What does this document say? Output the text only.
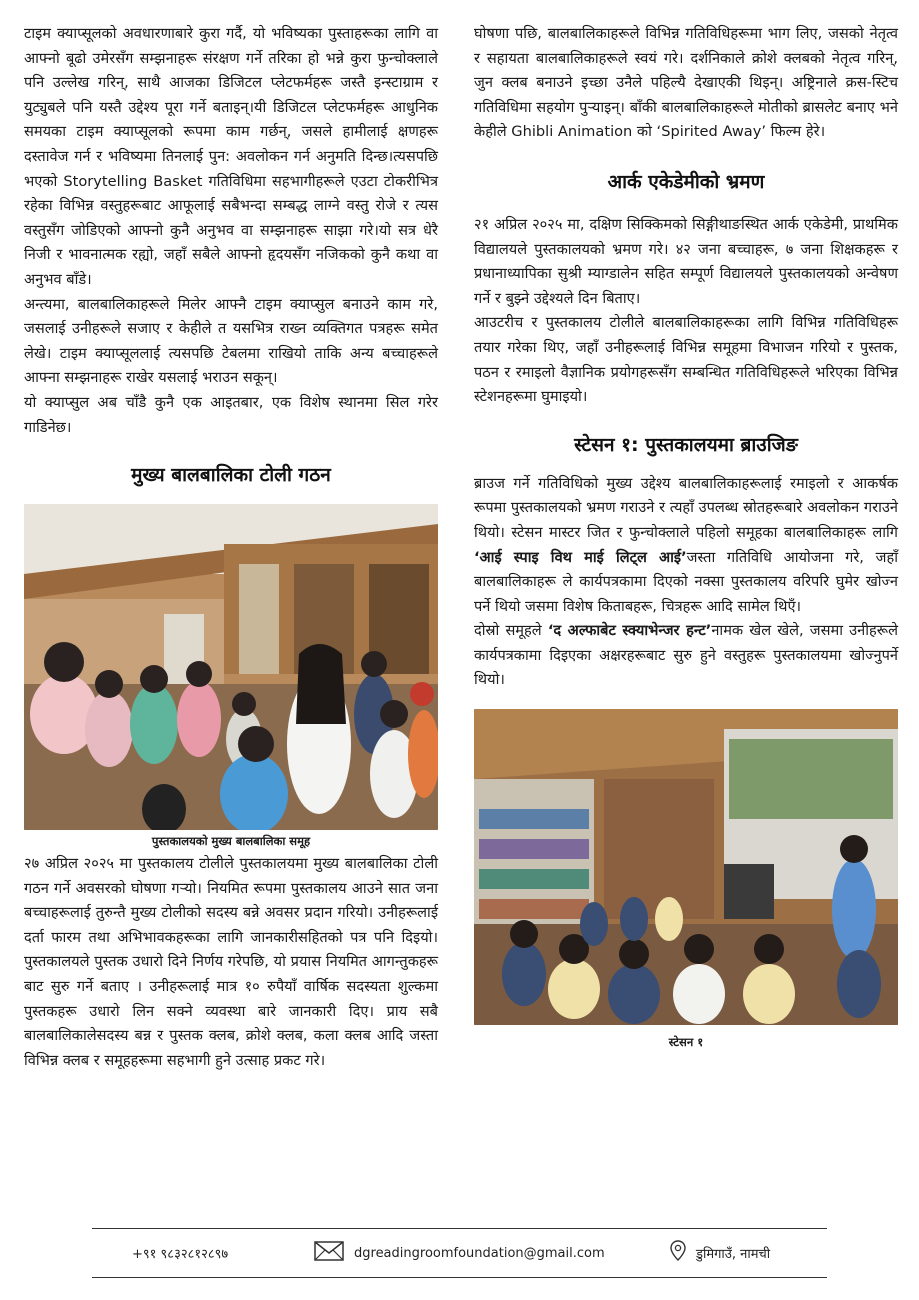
टाइम क्याप्सूलको अवधारणाबारे कुरा गर्दै, यो भविष्यका पुस्ताहरूका लागि वा आफ्नो बूढो उमेरसँग सम्झनाहरू संरक्षण गर्ने तरिका हो भन्ने कुरा फुन्चोक्लाले पनि उल्लेख गरिन्, साथै आजका डिजिटल प्लेटफर्महरू जस्तै इन्स्टाग्राम र युट्युबले पनि यस्तै उद्देश्य पूरा गर्ने बताइन्।यी डिजिटल प्लेटफर्महरू आधुनिक समयका टाइम क्याप्सूलको रूपमा काम गर्छन्, जसले हामीलाई क्षणहरू दस्तावेज गर्न र भविष्यमा तिनलाई पुन: अवलोकन गर्न अनुमति दिन्छ।त्यसपछि भएको Storytelling Basket गतिविधिमा सहभागीहरूले एउटा टोकरीभित्र रहेका विभिन्न वस्तुहरूबाट आफूलाई सबैभन्दा सम्बद्ध लाग्ने वस्तु रोजे र त्यस वस्तुसँग जोडिएको आफ्नो कुनै अनुभव वा सम्झनाहरू साझा गरे।यो सत्र धेरै निजी र भावनात्मक रह्यो, जहाँ सबैले आफ्नो हृदयसँग नजिकको कुनै कथा वा अनुभव बाँडे।

अन्त्यमा, बालबालिकाहरूले मिलेर आफ्नै टाइम क्याप्सुल बनाउने काम गरे, जसलाई उनीहरूले सजाए र केहीले त यसभित्र राख्न व्यक्तिगत पत्रहरू समेत लेखे। टाइम क्याप्सूललाई त्यसपछि टेबलमा राखियो ताकि अन्य बच्चाहरूले आफ्ना सम्झनाहरू राखेर यसलाई भराउन सकून्।

यो क्याप्सुल अब चाँडै कुनै एक आइतबार, एक विशेष स्थानमा सिल गरेर गाडिनेछ।

मुख्य बालबालिका टोली गठन
पुस्तकालयको मुख्य बालबालिका समूह

२७ अप्रिल २०२५ मा पुस्तकालय टोलीले पुस्तकालयमा मुख्य बालबालिका टोली गठन गर्ने अवसरको घोषणा गर्‍यो। नियमित रूपमा पुस्तकालय आउने सात जना बच्चाहरूलाई तुरुन्तै मुख्य टोलीको सदस्य बन्ने अवसर प्रदान गरियो। उनीहरूलाई दर्ता फारम तथा अभिभावकहरूका लागि जानकारीसहितको पत्र पनि दिइयो। पुस्तकालयले पुस्तक उधारो दिने निर्णय गरेपछि, यो प्रयास नियमित आगन्तुकहरू बाट सुरु गर्ने बताए । उनीहरूलाई मात्र १० रुपैयाँ वार्षिक सदस्यता शुल्कमा पुस्तकहरू उधारो लिन सक्ने व्यवस्था बारे जानकारी दिए। प्राय सबै बालबालिकालेसदस्य बन्न र पुस्तक क्लब, क्रोशे क्लब, कला क्लब आदि जस्ता विभिन्न क्लब र समूहहरूमा सहभागी हुने उत्साह प्रकट गरे।

घोषणा पछि, बालबालिकाहरूले विभिन्न गतिविधिहरूमा भाग लिए, जसको नेतृत्व र सहायता बालबालिकाहरूले स्वयं गरे। दर्शनिकाले क्रोशे क्लबको नेतृत्व गरिन्, जुन क्लब बनाउने इच्छा उनैले पहिल्यै देखाएकी थिइन्। अष्ट्रिनाले क्रस-स्टिच गतिविधिमा सहयोग पुर्‍याइन्। बाँकी बालबालिकाहरूले मोतीको ब्रासलेट बनाए भने केहीले Ghibli Animation को ‘Spirited Away’ फिल्म हेरे।

आर्क एकेडेमीको भ्रमण

२१ अप्रिल २०२५ मा, दक्षिण सिक्किमको सिङ्गीथाङस्थित आर्क एकेडेमी, प्राथमिक विद्यालयले पुस्तकालयको भ्रमण गरे। ४२ जना बच्चाहरू, ७ जना शिक्षकहरू र प्रधानाध्यापिका सुश्री म्याग्डालेन सहित सम्पूर्ण विद्यालयले पुस्तकालयको अन्वेषण गर्ने र बुझ्ने उद्देश्यले दिन बिताए।

आउटरीच र पुस्तकालय टोलीले बालबालिकाहरूका लागि विभिन्न गतिविधिहरू तयार गरेका थिए, जहाँ उनीहरूलाई विभिन्न समूहमा विभाजन गरियो र पुस्तक, पठन र रमाइलो वैज्ञानिक प्रयोगहरूसँग सम्बन्धित गतिविधिहरूले भरिएका विभिन्न स्टेशनहरूमा घुमाइयो।

स्टेसन १: पुस्तकालयमा ब्राउजिङ

ब्राउज गर्ने गतिविधिको मुख्य उद्देश्य बालबालिकाहरूलाई रमाइलो र आकर्षक रूपमा पुस्तकालयको भ्रमण गराउने र त्यहाँ उपलब्ध स्रोतहरूबारे अवलोकन गराउने थियो। स्टेसन मास्टर जित र फुन्चोक्लाले पहिलो समूहका बालबालिकाहरू लागि ‘आई स्पाइ विथ माई लिट्ल आई’जस्ता गतिविधि आयोजना गरे, जहाँ बालबालिकाहरू ले कार्यपत्रकामा दिएको नक्सा पुस्तकालय वरिपरि घुमेर खोज्न पर्ने थियो जसमा विशेष किताबहरू, चित्रहरू आदि सामेल थिएँ।

दोस्रो समूहले ‘द अल्फाबेट स्क्याभेन्जर हन्ट’नामक खेल खेले, जसमा उनीहरूले कार्यपत्रकामा दिइएका अक्षरहरूबाट सुरु हुने वस्तुहरू पुस्तकालयमा खोज्नुपर्ने थियो।

स्टेसन १
+९१ ९८३२८१२८९७	dgreadingroomfoundation@gmail.com	डुमिगाउँ, नामची
